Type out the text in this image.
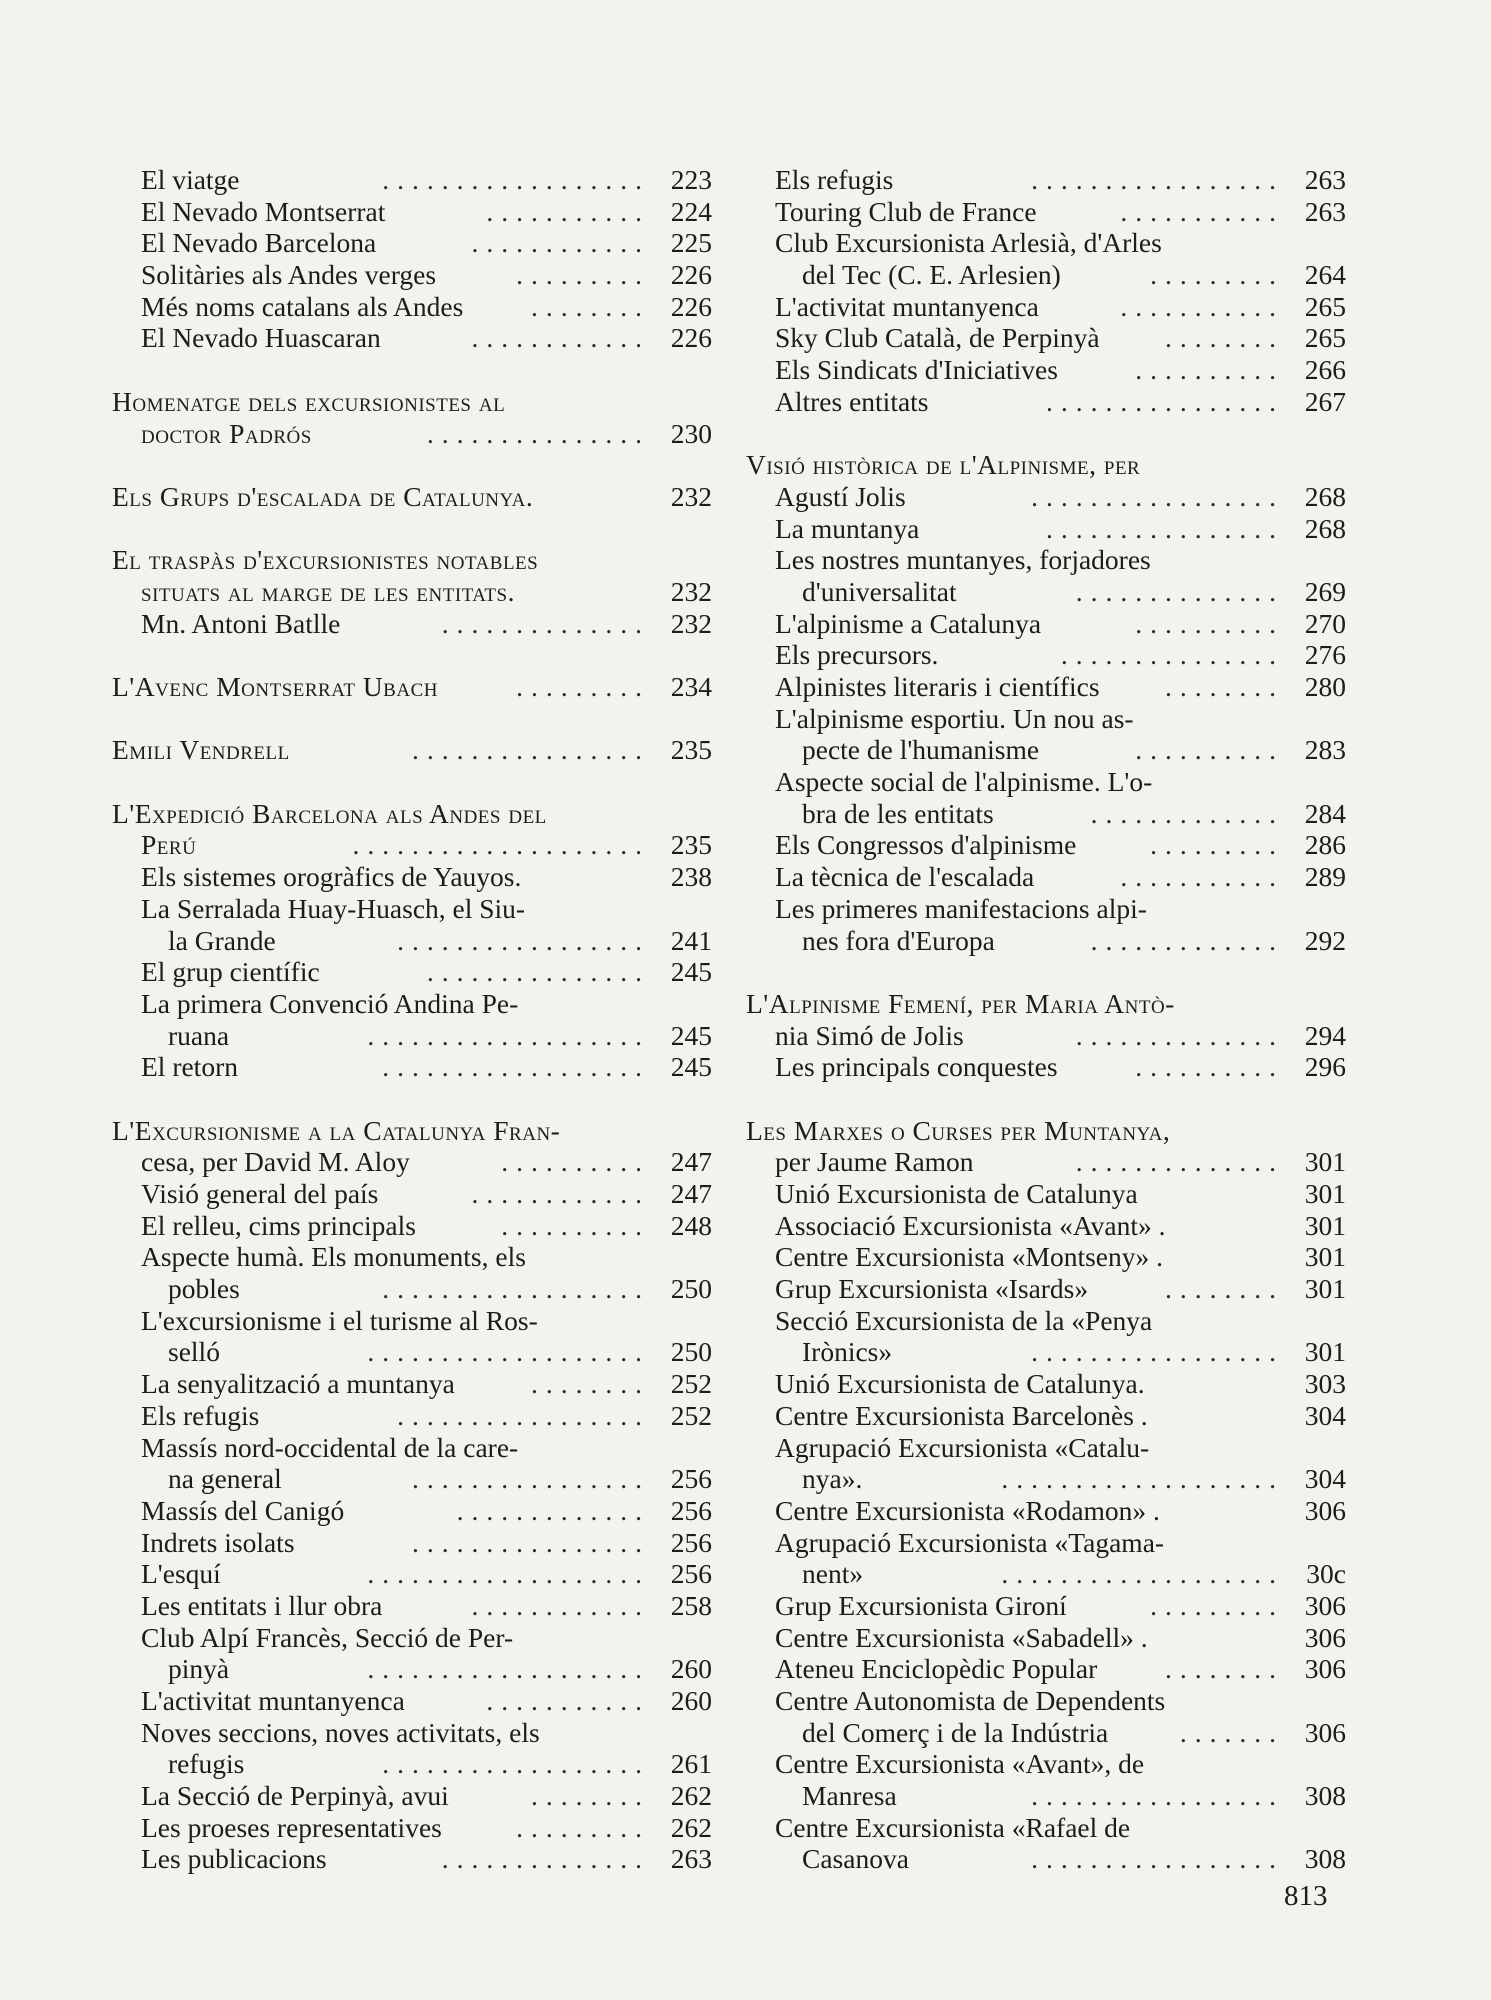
El viatge	223
..................
El Nevado Montserrat	224
...........
El Nevado Barcelona	225
............
Solitàries als Andes verges	226
.........
Més noms catalans als Andes	226
........
El Nevado Huascaran	226
............
Homenatge dels excursionistes al
doctor Padrós	230
...............
Els Grups d'escalada de Catalunya.	232
El traspàs d'excursionistes notables
situats al marge de les entitats.	232
Mn. Antoni Batlle	232
..............
L'Avenc Montserrat Ubach	234
.........
Emili Vendrell	235
................
L'Expedició Barcelona als Andes del
Perú	235
....................
Els sistemes orogràfics de Yauyos.	238
La Serralada Huay-Huasch, el Siu-
la Grande	241
.................
El grup científic	245
...............
La primera Convenció Andina Pe-
ruana	245
...................
El retorn	245
..................
L'Excursionisme a la Catalunya Fran-
cesa, per David M. Aloy	247
..........
Visió general del país	247
............
El relleu, cims principals	248
..........
Aspecte humà. Els monuments, els
pobles	250
..................
L'excursionisme i el turisme al Ros-
selló	250
...................
La senyalització a muntanya	252
........
Els refugis	252
.................
Massís nord-occidental de la care-
na general	256
................
Massís del Canigó	256
.............
Indrets isolats	256
................
L'esquí	256
...................
Les entitats i llur obra	258
............
Club Alpí Francès, Secció de Per-
pinyà	260
...................
L'activitat muntanyenca	260
...........
Noves seccions, noves activitats, els
refugis	261
..................
La Secció de Perpinyà, avui	262
........
Les proeses representatives	262
.........
Les publicacions	263
..............
Els refugis	263
.................
Touring Club de France	263
...........
Club Excursionista Arlesià, d'Arles
del Tec (C. E. Arlesien)	264
.........
L'activitat muntanyenca	265
...........
Sky Club Català, de Perpinyà	265
........
Els Sindicats d'Iniciatives	266
..........
Altres entitats	267
................
Visió històrica de l'Alpinisme, per
Agustí Jolis	268
.................
La muntanya	268
................
Les nostres muntanyes, forjadores
d'universalitat	269
..............
L'alpinisme a Catalunya	270
..........
Els precursors.	276
...............
Alpinistes literaris i científics	280
........
L'alpinisme esportiu. Un nou as-
pecte de l'humanisme	283
..........
Aspecte social de l'alpinisme. L'o-
bra de les entitats	284
.............
Els Congressos d'alpinisme	286
.........
La tècnica de l'escalada	289
...........
Les primeres manifestacions alpi-
nes fora d'Europa	292
.............
L'Alpinisme Femení, per Maria Antò-
nia Simó de Jolis	294
..............
Les principals conquestes	296
..........
Les Marxes o Curses per Muntanya,
per Jaume Ramon	301
..............
Unió Excursionista de Catalunya	301
Associació Excursionista «Avant» .	301
Centre Excursionista «Montseny» .	301
Grup Excursionista «Isards»	301
........
Secció Excursionista de la «Penya
Irònics»	301
.................
Unió Excursionista de Catalunya.	303
Centre Excursionista Barcelonès .	304
Agrupació Excursionista «Catalu-
nya».	304
...................
Centre Excursionista «Rodamon» .	306
Agrupació Excursionista «Tagama-
nent»	30c
...................
Grup Excursionista Gironí	306
.........
Centre Excursionista «Sabadell» .	306
Ateneu Enciclopèdic Popular	306
........
Centre Autonomista de Dependents
del Comerç i de la Indústria	306
.......
Centre Excursionista «Avant», de
Manresa	308
.................
Centre Excursionista «Rafael de
Casanova	308
.................
813
